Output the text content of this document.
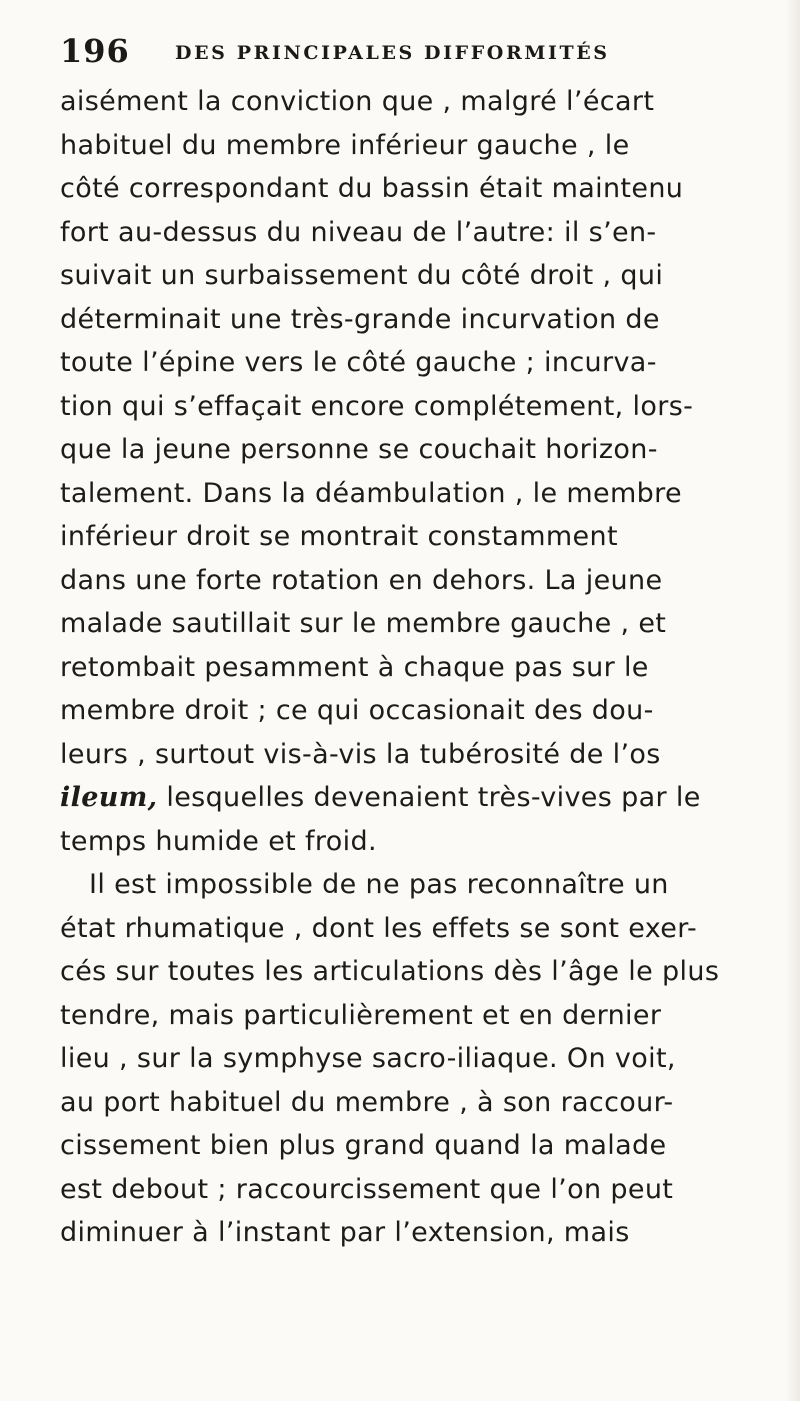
196 DES PRINCIPALES DIFFORMITÉS
aisément la conviction que , malgré l’écart
habituel du membre inférieur gauche , le
côté correspondant du bassin était maintenu
fort au-dessus du niveau de l’autre: il s’en-
suivait un surbaissement du côté droit , qui
déterminait une très-grande incurvation de
toute l’épine vers le côté gauche ; incurva-
tion qui s’effaçait encore complétement, lors-
que la jeune personne se couchait horizon-
talement. Dans la déambulation , le membre
inférieur droit se montrait constamment
dans une forte rotation en dehors. La jeune
malade sautillait sur le membre gauche , et
retombait pesamment à chaque pas sur le
membre droit ; ce qui occasionait des dou-
leurs , surtout vis-à-vis la tubérosité de l’os
ileum, lesquelles devenaient très-vives par le
temps humide et froid.
Il est impossible de ne pas reconnaître un
état rhumatique , dont les effets se sont exer-
cés sur toutes les articulations dès l’âge le plus
tendre, mais particulièrement et en dernier
lieu , sur la symphyse sacro-iliaque. On voit,
au port habituel du membre , à son raccour-
cissement bien plus grand quand la malade
est debout ; raccourcissement que l’on peut
diminuer à l’instant par l’extension, mais
